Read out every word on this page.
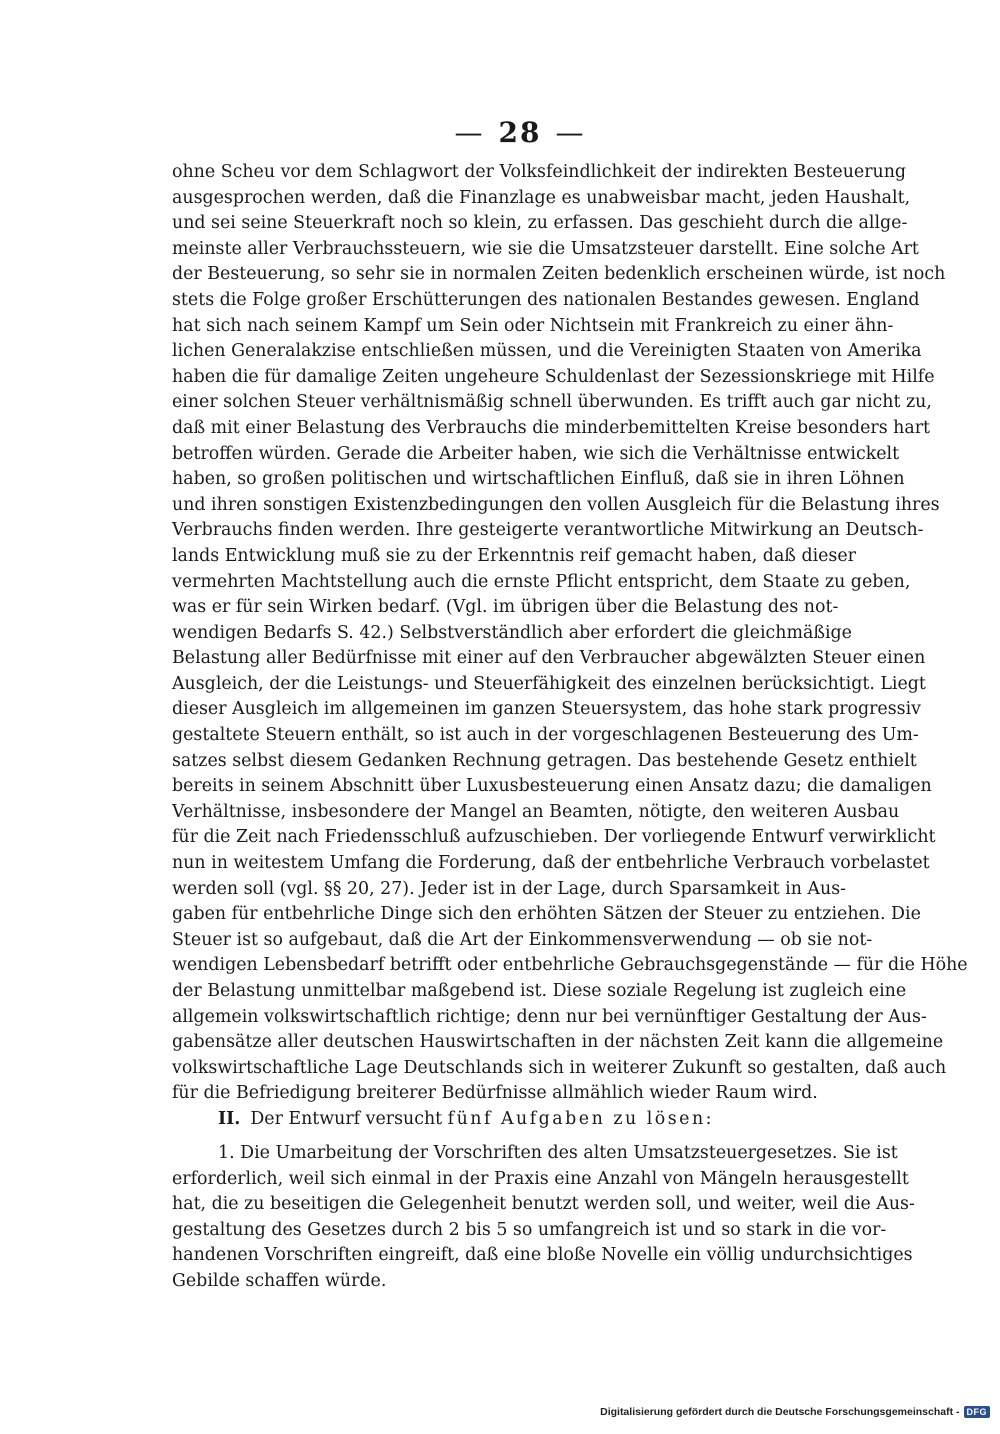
— 28 —
ohne Scheu vor dem Schlagwort der Volksfeindlichkeit der indirekten Besteuerung
ausgesprochen werden, daß die Finanzlage es unabweisbar macht, jeden Haushalt,
und sei seine Steuerkraft noch so klein, zu erfassen. Das geschieht durch die allge-
meinste aller Verbrauchssteuern, wie sie die Umsatzsteuer darstellt. Eine solche Art
der Besteuerung, so sehr sie in normalen Zeiten bedenklich erscheinen würde, ist noch
stets die Folge großer Erschütterungen des nationalen Bestandes gewesen. England
hat sich nach seinem Kampf um Sein oder Nichtsein mit Frankreich zu einer ähn-
lichen Generalakzise entschließen müssen, und die Vereinigten Staaten von Amerika
haben die für damalige Zeiten ungeheure Schuldenlast der Sezessionskriege mit Hilfe
einer solchen Steuer verhältnismäßig schnell überwunden. Es trifft auch gar nicht zu,
daß mit einer Belastung des Verbrauchs die minderbemittelten Kreise besonders hart
betroffen würden. Gerade die Arbeiter haben, wie sich die Verhältnisse entwickelt
haben, so großen politischen und wirtschaftlichen Einfluß, daß sie in ihren Löhnen
und ihren sonstigen Existenzbedingungen den vollen Ausgleich für die Belastung ihres
Verbrauchs finden werden. Ihre gesteigerte verantwortliche Mitwirkung an Deutsch-
lands Entwicklung muß sie zu der Erkenntnis reif gemacht haben, daß dieser
vermehrten Machtstellung auch die ernste Pflicht entspricht, dem Staate zu geben,
was er für sein Wirken bedarf. (Vgl. im übrigen über die Belastung des not-
wendigen Bedarfs S. 42.) Selbstverständlich aber erfordert die gleichmäßige
Belastung aller Bedürfnisse mit einer auf den Verbraucher abgewälzten Steuer einen
Ausgleich, der die Leistungs- und Steuerfähigkeit des einzelnen berücksichtigt. Liegt
dieser Ausgleich im allgemeinen im ganzen Steuersystem, das hohe stark progressiv
gestaltete Steuern enthält, so ist auch in der vorgeschlagenen Besteuerung des Um-
satzes selbst diesem Gedanken Rechnung getragen. Das bestehende Gesetz enthielt
bereits in seinem Abschnitt über Luxusbesteuerung einen Ansatz dazu; die damaligen
Verhältnisse, insbesondere der Mangel an Beamten, nötigte, den weiteren Ausbau
für die Zeit nach Friedensschluß aufzuschieben. Der vorliegende Entwurf verwirklicht
nun in weitestem Umfang die Forderung, daß der entbehrliche Verbrauch vorbelastet
werden soll (vgl. §§ 20, 27). Jeder ist in der Lage, durch Sparsamkeit in Aus-
gaben für entbehrliche Dinge sich den erhöhten Sätzen der Steuer zu entziehen. Die
Steuer ist so aufgebaut, daß die Art der Einkommensverwendung — ob sie not-
wendigen Lebensbedarf betrifft oder entbehrliche Gebrauchsgegenstände — für die Höhe
der Belastung unmittelbar maßgebend ist. Diese soziale Regelung ist zugleich eine
allgemein volkswirtschaftlich richtige; denn nur bei vernünftiger Gestaltung der Aus-
gabensätze aller deutschen Hauswirtschaften in der nächsten Zeit kann die allgemeine
volkswirtschaftliche Lage Deutschlands sich in weiterer Zukunft so gestalten, daß auch
für die Befriedigung breiterer Bedürfnisse allmählich wieder Raum wird.
II. Der Entwurf versucht fünf Aufgaben zu lösen:
1. Die Umarbeitung der Vorschriften des alten Umsatzsteuergesetzes. Sie ist
erforderlich, weil sich einmal in der Praxis eine Anzahl von Mängeln herausgestellt
hat, die zu beseitigen die Gelegenheit benutzt werden soll, und weiter, weil die Aus-
gestaltung des Gesetzes durch 2 bis 5 so umfangreich ist und so stark in die vor-
handenen Vorschriften eingreift, daß eine bloße Novelle ein völlig undurchsichtiges
Gebilde schaffen würde.
Digitalisierung gefördert durch die Deutsche Forschungsgemeinschaft - DFG
